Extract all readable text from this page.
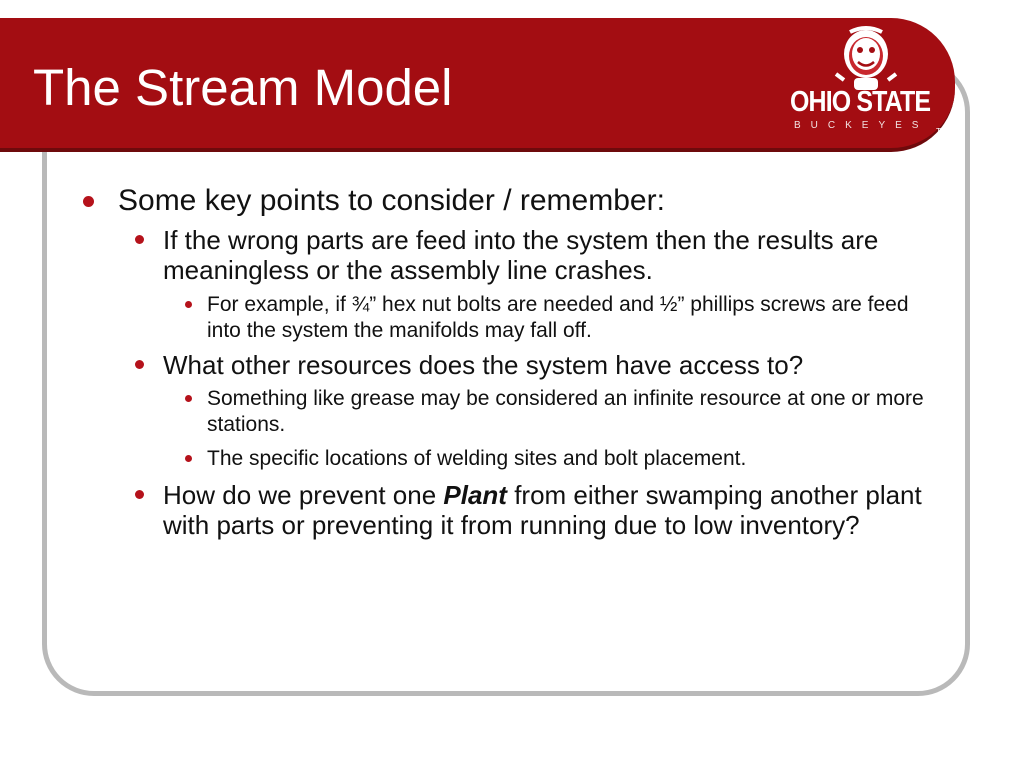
The Stream Model	OHIO STATE
BUCKEYES
TM

Some key points to consider / remember:

If the wrong parts are feed into the system then the results are meaningless or the assembly line crashes.

For example, if ¾” hex nut bolts are needed and ½” phillips screws are feed into the system the manifolds may fall off.

What other resources does the system have access to?

Something like grease may be considered an infinite resource at one or more stations.

The specific locations of welding sites and bolt placement.

How do we prevent one Plant from either swamping another plant with parts or preventing it from running due to low inventory?
